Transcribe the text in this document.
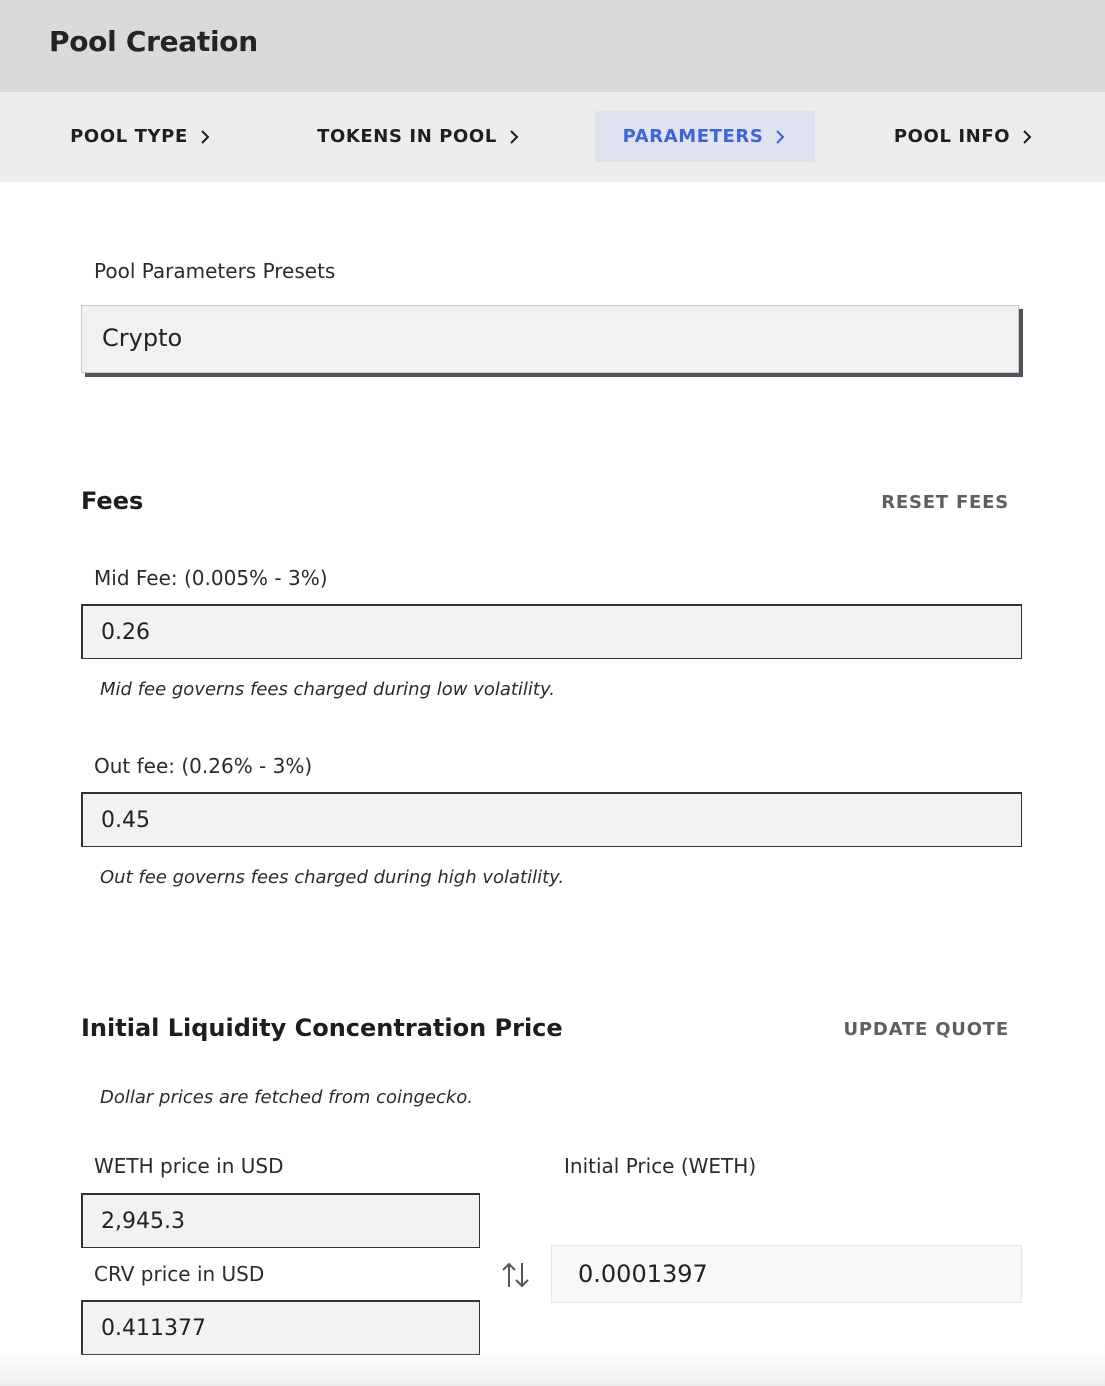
Pool Creation
POOL TYPE	TOKENS IN POOL	PARAMETERS	POOL INFO
Pool Parameters Presets
Crypto
Fees	RESET FEES
Mid Fee: (0.005% - 3%)
0.26
Mid fee governs fees charged during low volatility.
Out fee: (0.26% - 3%)
0.45
Out fee governs fees charged during high volatility.
Initial Liquidity Concentration Price	UPDATE QUOTE
Dollar prices are fetched from coingecko.
WETH price in USD
2,945.3
CRV price in USD
0.411377
Initial Price (WETH)
0.0001397
